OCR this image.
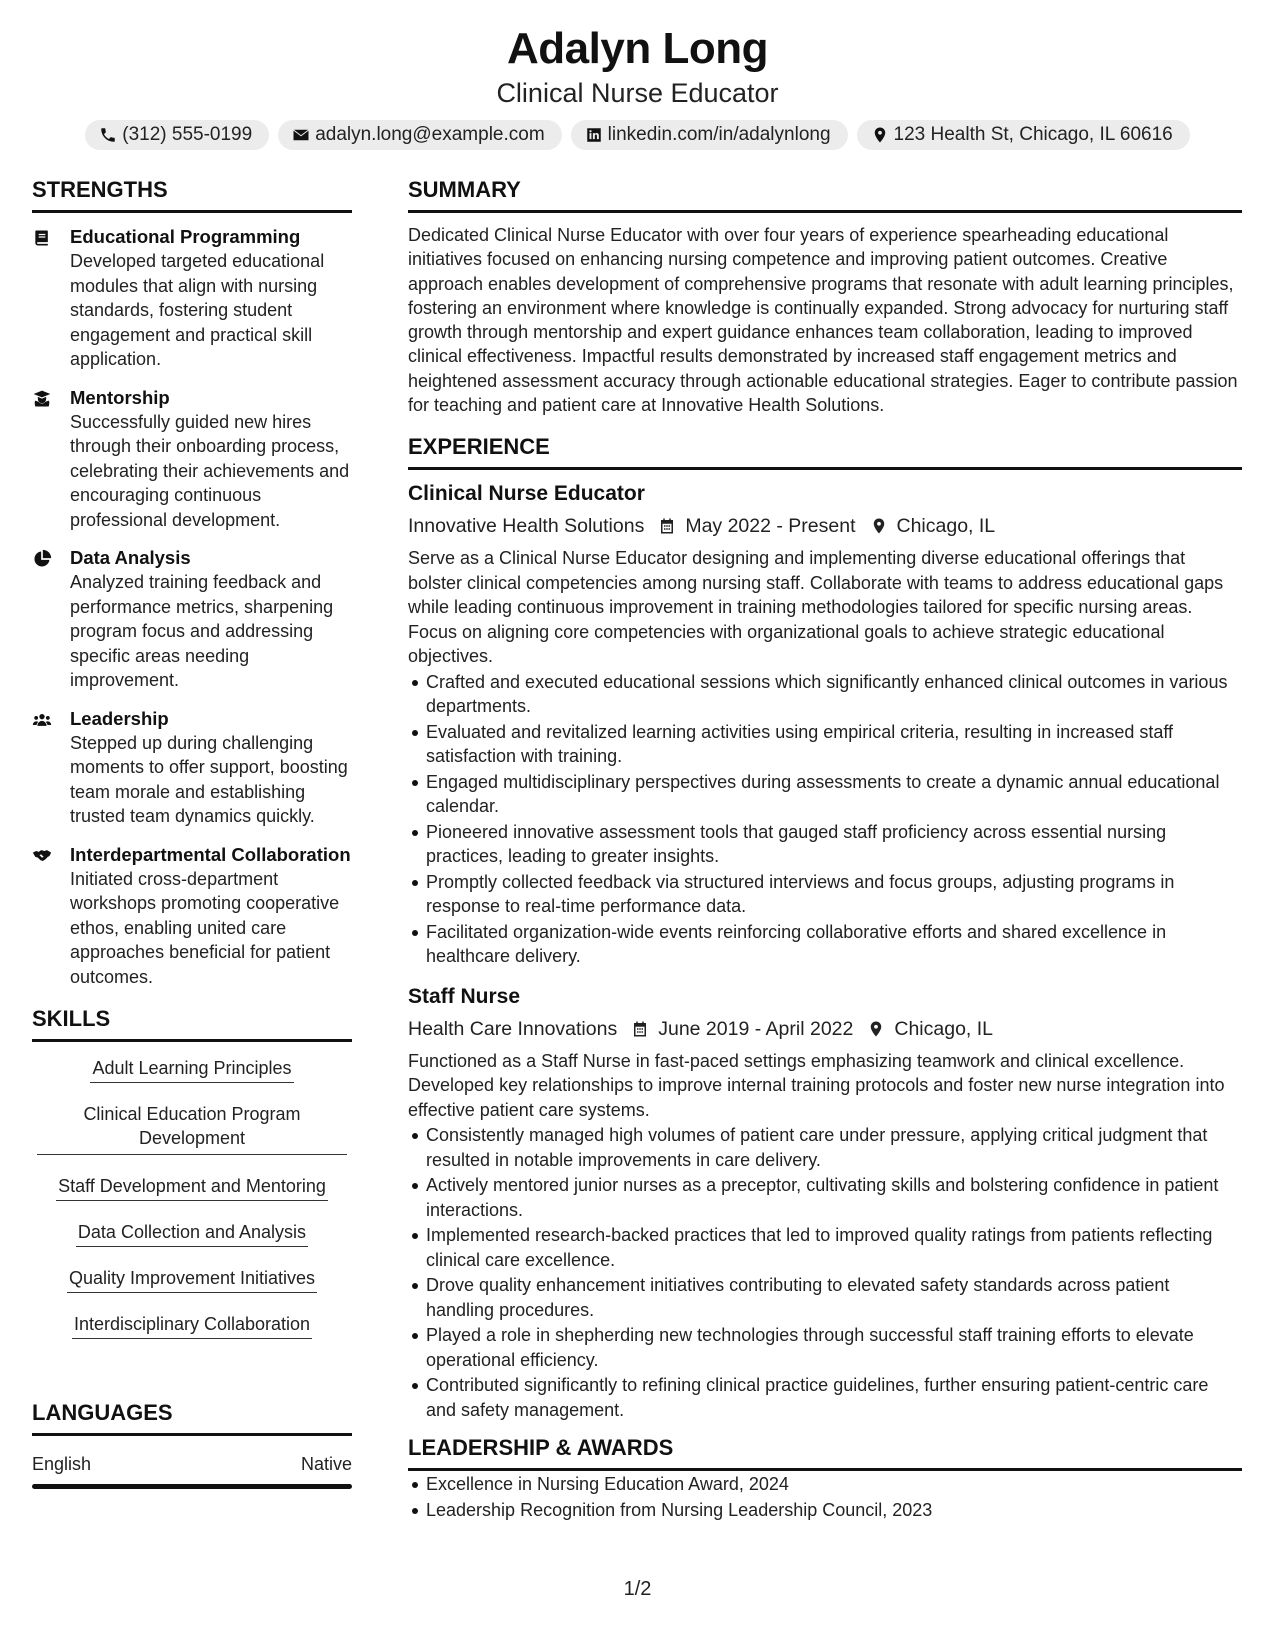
Adalyn Long
Clinical Nurse Educator
(312) 555-0199	adalyn.long@example.com	linkedin.com/in/adalynlong	123 Health St, Chicago, IL 60616
STRENGTHS
Educational Programming
Developed targeted educational modules that align with nursing standards, fostering student engagement and practical skill application.
Mentorship
Successfully guided new hires through their onboarding process, celebrating their achievements and encouraging continuous professional development.
Data Analysis
Analyzed training feedback and performance metrics, sharpening program focus and addressing specific areas needing improvement.
Leadership
Stepped up during challenging moments to offer support, boosting team morale and establishing trusted team dynamics quickly.
Interdepartmental Collaboration
Initiated cross-department workshops promoting cooperative ethos, enabling united care approaches beneficial for patient outcomes.
SKILLS
Adult Learning Principles
Clinical Education Program Development
Staff Development and Mentoring
Data Collection and Analysis
Quality Improvement Initiatives
Interdisciplinary Collaboration
LANGUAGES
English	Native
SUMMARY
Dedicated Clinical Nurse Educator with over four years of experience spearheading educational initiatives focused on enhancing nursing competence and improving patient outcomes. Creative approach enables development of comprehensive programs that resonate with adult learning principles, fostering an environment where knowledge is continually expanded. Strong advocacy for nurturing staff growth through mentorship and expert guidance enhances team collaboration, leading to improved clinical effectiveness. Impactful results demonstrated by increased staff engagement metrics and heightened assessment accuracy through actionable educational strategies. Eager to contribute passion for teaching and patient care at Innovative Health Solutions.
EXPERIENCE
Clinical Nurse Educator
Innovative Health Solutions May 2022 - Present Chicago, IL
Serve as a Clinical Nurse Educator designing and implementing diverse educational offerings that bolster clinical competencies among nursing staff. Collaborate with teams to address educational gaps while leading continuous improvement in training methodologies tailored for specific nursing areas. Focus on aligning core competencies with organizational goals to achieve strategic educational objectives.
Crafted and executed educational sessions which significantly enhanced clinical outcomes in various departments.
Evaluated and revitalized learning activities using empirical criteria, resulting in increased staff satisfaction with training.
Engaged multidisciplinary perspectives during assessments to create a dynamic annual educational calendar.
Pioneered innovative assessment tools that gauged staff proficiency across essential nursing practices, leading to greater insights.
Promptly collected feedback via structured interviews and focus groups, adjusting programs in response to real-time performance data.
Facilitated organization-wide events reinforcing collaborative efforts and shared excellence in healthcare delivery.
Staff Nurse
Health Care Innovations June 2019 - April 2022 Chicago, IL
Functioned as a Staff Nurse in fast-paced settings emphasizing teamwork and clinical excellence. Developed key relationships to improve internal training protocols and foster new nurse integration into effective patient care systems.
Consistently managed high volumes of patient care under pressure, applying critical judgment that resulted in notable improvements in care delivery.
Actively mentored junior nurses as a preceptor, cultivating skills and bolstering confidence in patient interactions.
Implemented research-backed practices that led to improved quality ratings from patients reflecting clinical care excellence.
Drove quality enhancement initiatives contributing to elevated safety standards across patient handling procedures.
Played a role in shepherding new technologies through successful staff training efforts to elevate operational efficiency.
Contributed significantly to refining clinical practice guidelines, further ensuring patient-centric care and safety management.
LEADERSHIP & AWARDS
Excellence in Nursing Education Award, 2024
Leadership Recognition from Nursing Leadership Council, 2023
1/2
